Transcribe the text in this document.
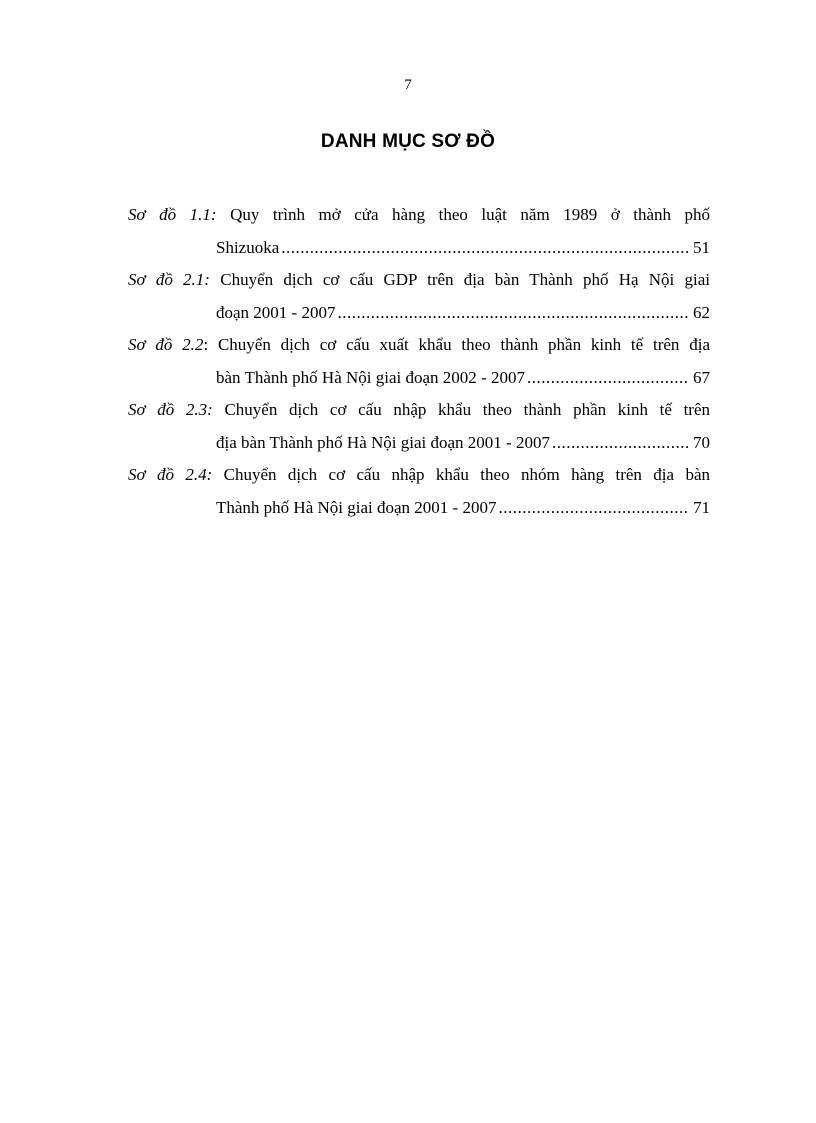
7
DANH MỤC SƠ ĐỒ
Sơ đồ 1.1: Quy trình mở cửa hàng theo luật năm 1989 ở thành phố
Shizuoka .....	51
Sơ đồ 2.1: Chuyển dịch cơ cấu GDP trên địa bàn Thành phố Hạ Nội giai
đoạn 2001 - 2007 .....	62
Sơ đồ 2.2: Chuyển dịch cơ cấu xuất khẩu theo thành phần kinh tế trên địa
bàn Thành phố Hà Nội giai đoạn 2002 - 2007 .....	67
Sơ đồ 2.3: Chuyển dịch cơ cấu nhập khẩu theo thành phần kinh tế trên
địa bàn Thành phố Hà Nội giai đoạn 2001 - 2007 .....	70
Sơ đồ 2.4: Chuyển dịch cơ cấu nhập khẩu theo nhóm hàng trên địa bàn
Thành phố Hà Nội giai đoạn 2001 - 2007 .....	71
